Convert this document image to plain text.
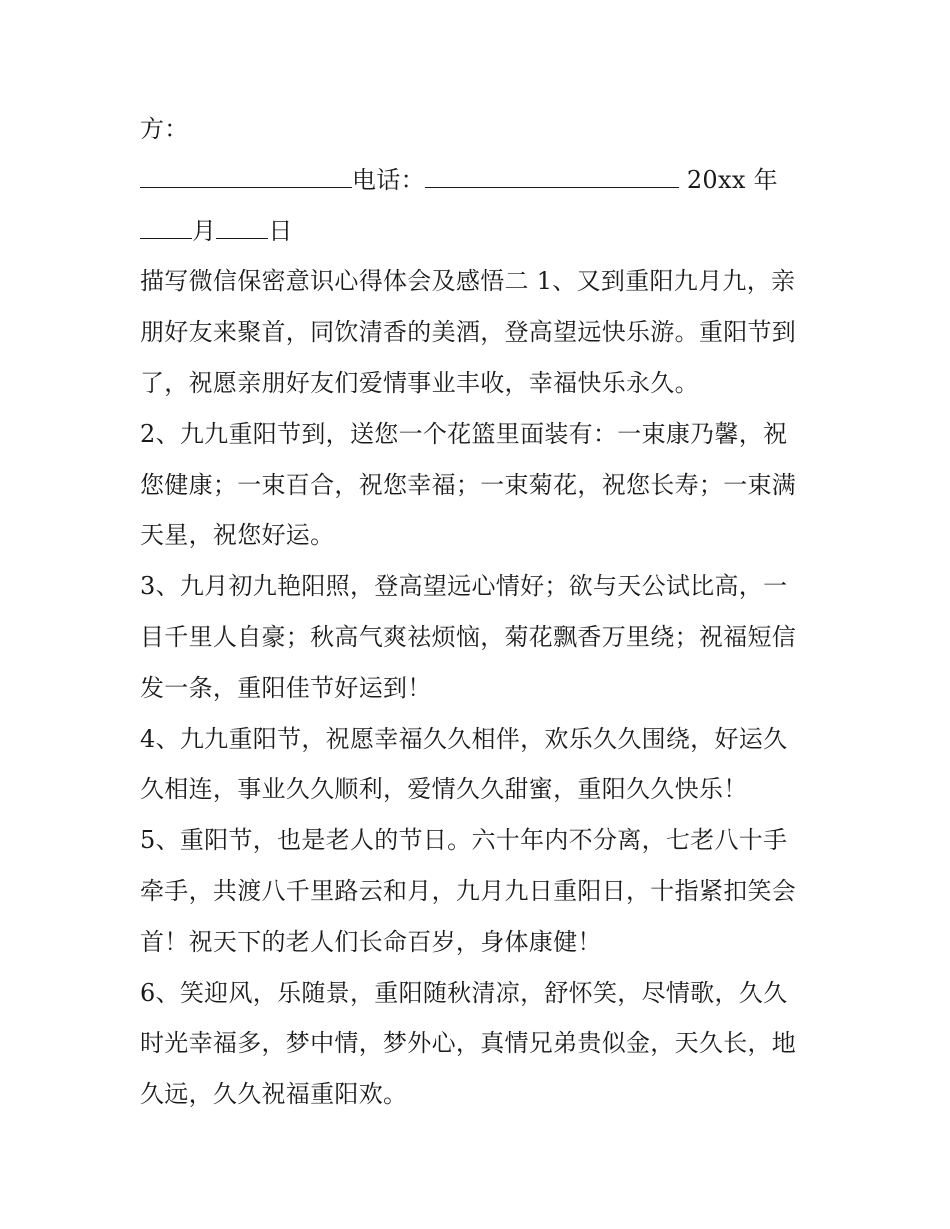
方：
电话：	20xx 年
月 日
描写微信保密意识心得体会及感悟二 1、又到重阳九月九，亲
朋好友来聚首，同饮清香的美酒，登高望远快乐游。重阳节到
了，祝愿亲朋好友们爱情事业丰收，幸福快乐永久。
2、九九重阳节到，送您一个花篮里面装有：一束康乃馨，祝
您健康；一束百合，祝您幸福；一束菊花，祝您长寿；一束满
天星，祝您好运。
3、九月初九艳阳照，登高望远心情好；欲与天公试比高，一
目千里人自豪；秋高气爽祛烦恼，菊花飘香万里绕；祝福短信
发一条，重阳佳节好运到！
4、九九重阳节，祝愿幸福久久相伴，欢乐久久围绕，好运久
久相连，事业久久顺利，爱情久久甜蜜，重阳久久快乐！
5、重阳节，也是老人的节日。六十年内不分离，七老八十手
牵手，共渡八千里路云和月，九月九日重阳日，十指紧扣笑会
首！祝天下的老人们长命百岁，身体康健！
6、笑迎风，乐随景，重阳随秋清凉，舒怀笑，尽情歌，久久
时光幸福多，梦中情，梦外心，真情兄弟贵似金，天久长，地
久远，久久祝福重阳欢。
